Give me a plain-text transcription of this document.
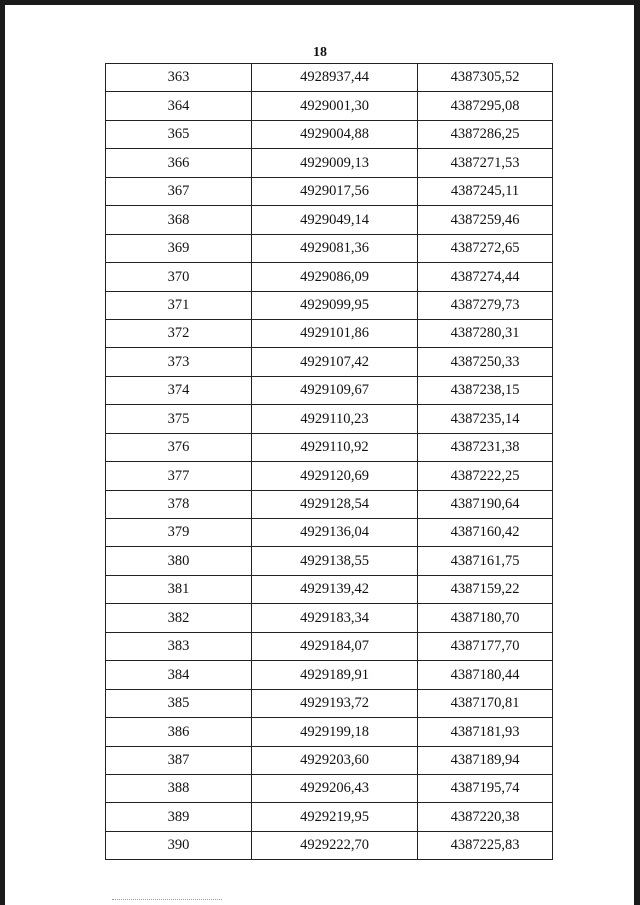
18
363	4928937,44	4387305,52
364	4929001,30	4387295,08
365	4929004,88	4387286,25
366	4929009,13	4387271,53
367	4929017,56	4387245,11
368	4929049,14	4387259,46
369	4929081,36	4387272,65
370	4929086,09	4387274,44
371	4929099,95	4387279,73
372	4929101,86	4387280,31
373	4929107,42	4387250,33
374	4929109,67	4387238,15
375	4929110,23	4387235,14
376	4929110,92	4387231,38
377	4929120,69	4387222,25
378	4929128,54	4387190,64
379	4929136,04	4387160,42
380	4929138,55	4387161,75
381	4929139,42	4387159,22
382	4929183,34	4387180,70
383	4929184,07	4387177,70
384	4929189,91	4387180,44
385	4929193,72	4387170,81
386	4929199,18	4387181,93
387	4929203,60	4387189,94
388	4929206,43	4387195,74
389	4929219,95	4387220,38
390	4929222,70	4387225,83
